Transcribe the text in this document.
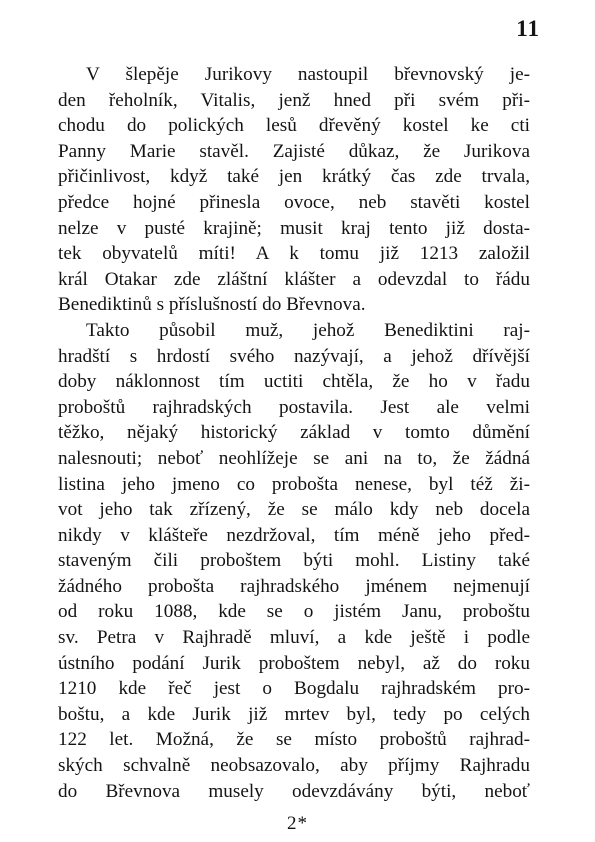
11
V šlepěje Jurikovy nastoupil břevnovský je-
den řeholník, Vitalis, jenž hned při svém při-
chodu do polických lesů dřevěný kostel ke cti
Panny Marie stavěl. Zajisté důkaz, že Jurikova
přičinlivost, když také jen krátký čas zde trvala,
předce hojné přinesla ovoce, neb stavěti kostel
nelze v pusté krajině; musit kraj tento již dosta-
tek obyvatelů míti! A k tomu již 1213 založil
král Otakar zde zláštní klášter a odevzdal to řádu
Benediktinů s příslušností do Břevnova.
Takto působil muž, jehož Benediktini raj-
hradští s hrdostí svého nazývají, a jehož dřívější
doby náklonnost tím uctiti chtěla, že ho v řadu
proboštů rajhradských postavila. Jest ale velmi
těžko, nějaký historický základ v tomto důmění
nalesnouti; neboť neohlížeje se ani na to, že žádná
listina jeho jmeno co probošta nenese, byl též ži-
vot jeho tak zřízený, že se málo kdy neb docela
nikdy v klášteře nezdržoval, tím méně jeho před-
staveným čili proboštem býti mohl. Listiny také
žádného probošta rajhradského jménem nejmenují
od roku 1088, kde se o jistém Janu, proboštu
sv. Petra v Rajhradě mluví, a kde ještě i podle
ústního podání Jurik proboštem nebyl, až do roku
1210 kde řeč jest o Bogdalu rajhradském pro-
boštu, a kde Jurik již mrtev byl, tedy po celých
122 let. Možná, že se místo proboštů rajhrad-
ských schvalně neobsazovalo, aby příjmy Rajhradu
do Břevnova musely odevzdávány býti, neboť
2*
